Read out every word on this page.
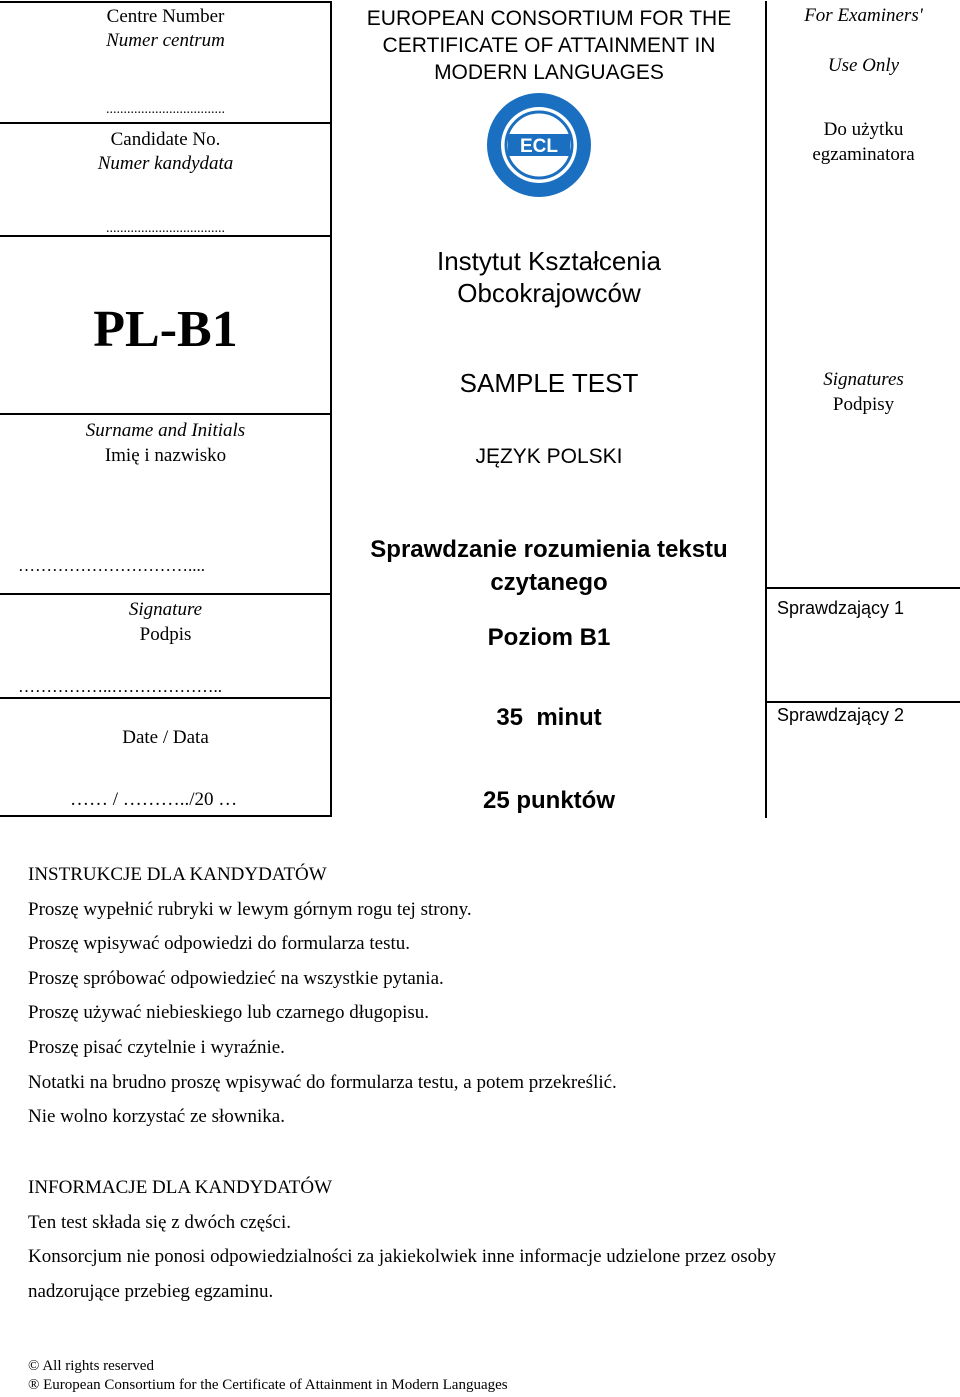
Centre Number
Numer centrum
..................................
Candidate No.
Numer kandydata
..................................
PL-B1
Surname and Initials
Imię i nazwisko
…………………………....
Signature
Podpis
……………..………………..
Date / Data
…… / ………../20 …
EUROPEAN CONSORTIUM FOR THE
CERTIFICATE OF ATTAINMENT IN
MODERN LANGUAGES
ECL
Instytut Kształcenia
Obcokrajowców
SAMPLE TEST
JĘZYK POLSKI
Sprawdzanie rozumienia tekstu
czytanego
Poziom B1
35  minut
25 punktów
For Examiners'
Use Only
Do użytku
egzaminatora
Signatures
Podpisy
Sprawdzający 1
Sprawdzający 2

INSTRUKCJE DLA KANDYDATÓW

Proszę wypełnić rubryki w lewym górnym rogu tej strony.

Proszę wpisywać odpowiedzi do formularza testu.

Proszę spróbować odpowiedzieć na wszystkie pytania.

Proszę używać niebieskiego lub czarnego długopisu.

Proszę pisać czytelnie i wyraźnie.

Notatki na brudno proszę wpisywać do formularza testu, a potem przekreślić.

Nie wolno korzystać ze słownika.

INFORMACJE DLA KANDYDATÓW

Ten test składa się z dwóch części.

Konsorcjum nie ponosi odpowiedzialności za jakiekolwiek inne informacje udzielone przez osoby

nadzorujące przebieg egzaminu.

© All rights reserved
® European Consortium for the Certificate of Attainment in Modern Languages
